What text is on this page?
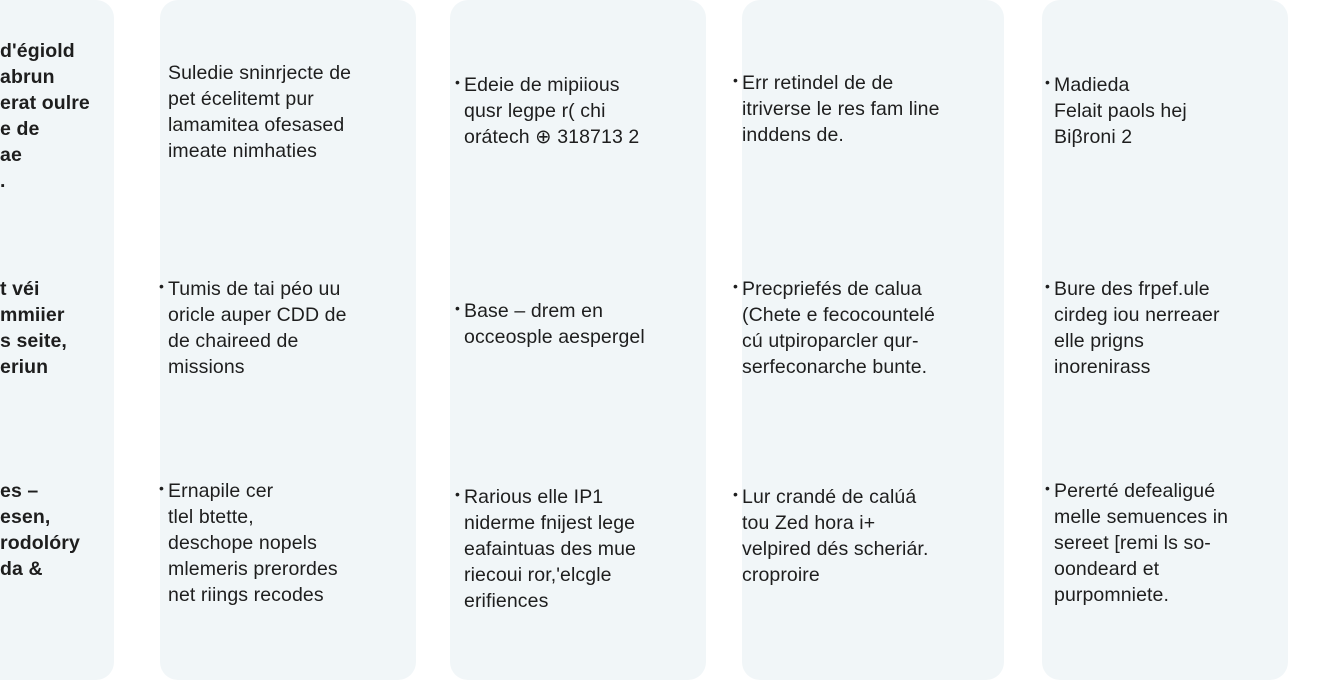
d'égiold
abrun
erat oulre
e de
ae
.
t véi
mmiier
s seite,
eriun
es –
esen,
rodolóry
da &
Suledie sninrjecte de
pet écelitemt pur
lamamitea ofesased
imeate nimhaties
• Tumis de tai péo uu
oricle auper CDD de
de chaireed de
missions
• Ernapile cer
tlel btette,
deschope nopels
mlemeris prerordes
net riings recodes
• Edeie de mipiious
qusr legpe r( chi
orátech ⊕ 318713 2
• Base – drem en
occeosple aespergel
• Rarious elle IP1
niderme fnijest lege
eafaintuas des mue
riecoui ror,'elcgle
erifiences
• Err retindel de de
itriverse le res fam line
inddens de.
• Precpriefés de calua
(Chete e fecocountelé
cú utpiroparcler qur-
serfeconarche bunte.
• Lur crandé de calúá
tou Zed hora i+
velpired dés scheriár.
croproire
• Madieda
Felait paols hej
Biβroni 2
• Bure des frpef.ule
cirdeg iou nerreaer
elle prigns
inorenirass
• Pererté defealigué
melle semuences in
sereet [remi ls so-
oondeard et
purpomniete.
